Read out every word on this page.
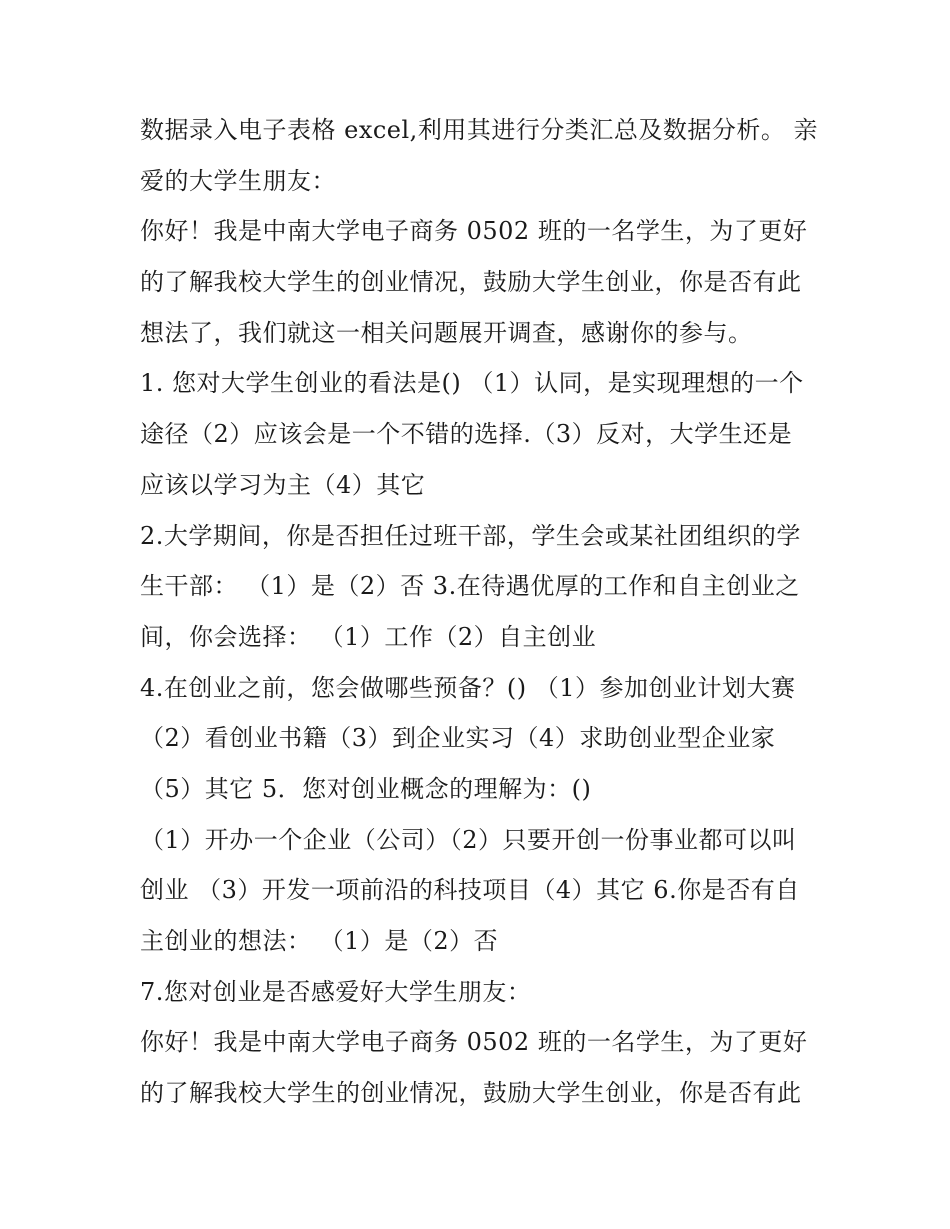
数据录入电子表格 excel,利用其进行分类汇总及数据分析。 亲
爱的大学生朋友：
你好！我是中南大学电子商务 0502 班的一名学生，为了更好
的了解我校大学生的创业情况，鼓励大学生创业，你是否有此
想法了，我们就这一相关问题展开调查，感谢你的参与。
1. 您对大学生创业的看法是() （1）认同，是实现理想的一个
途径（2）应该会是一个不错的选择.（3）反对，大学生还是
应该以学习为主（4）其它
2.大学期间，你是否担任过班干部，学生会或某社团组织的学
生干部： （1）是（2）否 3.在待遇优厚的工作和自主创业之
间，你会选择： （1）工作（2）自主创业
4.在创业之前，您会做哪些预备？() （1）参加创业计划大赛
（2）看创业书籍（3）到企业实习（4）求助创业型企业家
（5）其它 5．您对创业概念的理解为：()
（1）开办一个企业（公司）（2）只要开创一份事业都可以叫
创业 （3）开发一项前沿的科技项目（4）其它 6.你是否有自
主创业的想法： （1）是（2）否
7.您对创业是否感爱好大学生朋友：
你好！我是中南大学电子商务 0502 班的一名学生，为了更好
的了解我校大学生的创业情况，鼓励大学生创业，你是否有此
